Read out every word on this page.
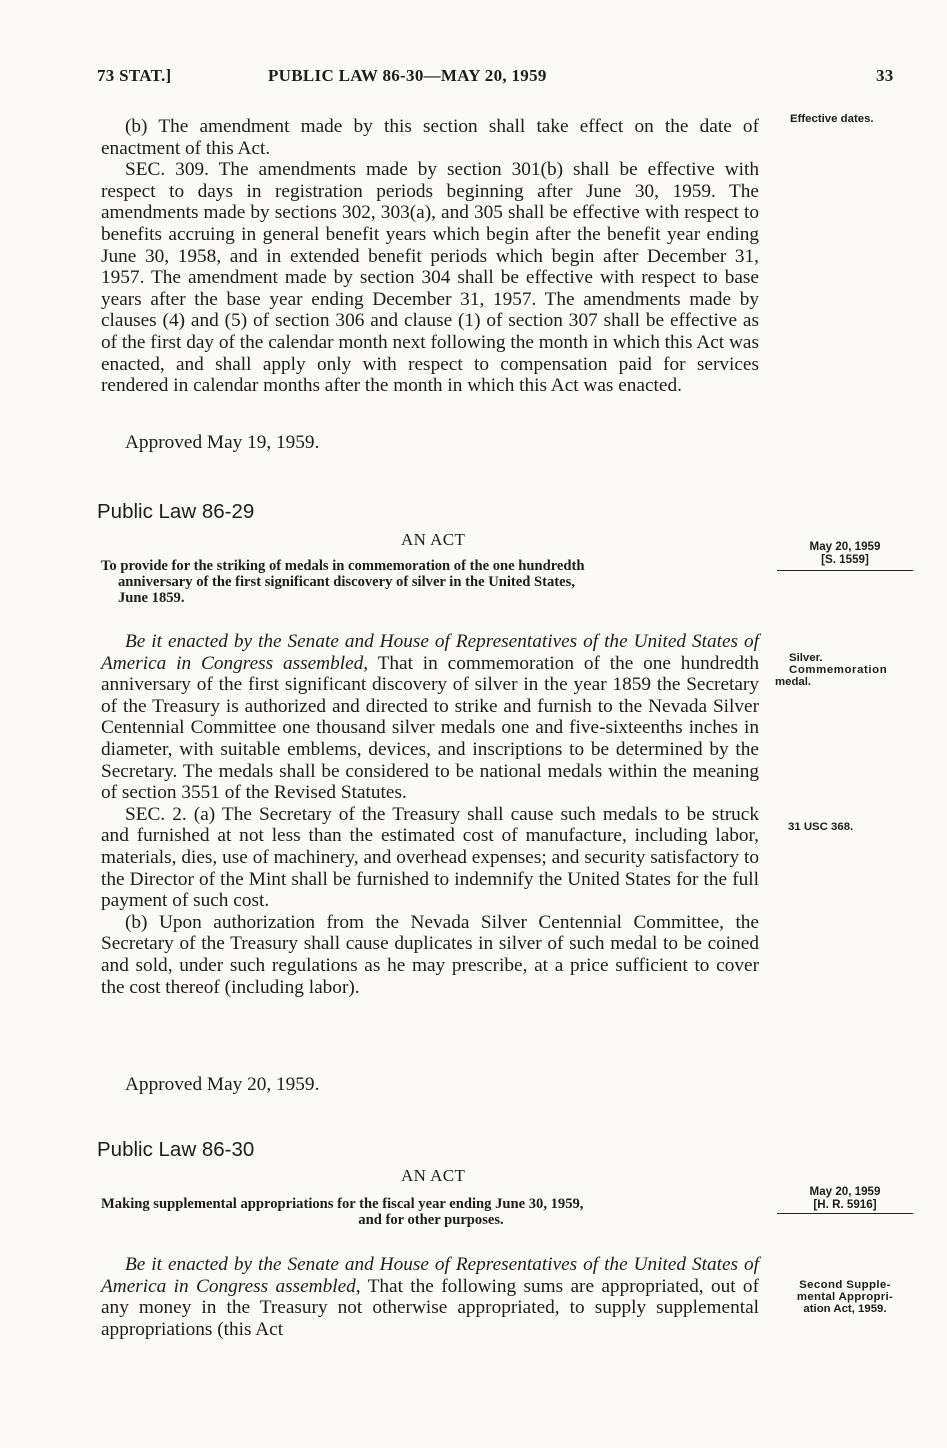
73 STAT.]	PUBLIC LAW 86-30—MAY 20, 1959	33

(b) The amendment made by this section shall take effect on the date of enactment of this Act.

SEC. 309. The amendments made by section 301(b) shall be effective with respect to days in registration periods beginning after June 30, 1959. The amendments made by sections 302, 303(a), and 305 shall be effective with respect to benefits accruing in general benefit years which begin after the benefit year ending June 30, 1958, and in extended benefit periods which begin after December 31, 1957. The amendment made by section 304 shall be effective with respect to base years after the base year ending December 31, 1957. The amendments made by clauses (4) and (5) of section 306 and clause (1) of section 307 shall be effective as of the first day of the calendar month next following the month in which this Act was enacted, and shall apply only with respect to compensation paid for services rendered in calendar months after the month in which this Act was enacted.

Approved May 19, 1959.
Public Law 86-29
AN ACT
To provide for the striking of medals in commemoration of the one hundredth
anniversary of the first significant discovery of silver in the United States,
June 1859.

Be it enacted by the Senate and House of Representatives of the United States of America in Congress assembled, That in commemoration of the one hundredth anniversary of the first significant discovery of silver in the year 1859 the Secretary of the Treasury is authorized and directed to strike and furnish to the Nevada Silver Centennial Committee one thousand silver medals one and five-sixteenths inches in diameter, with suitable emblems, devices, and inscriptions to be determined by the Secretary. The medals shall be considered to be national medals within the meaning of section 3551 of the Revised Statutes.

SEC. 2. (a) The Secretary of the Treasury shall cause such medals to be struck and furnished at not less than the estimated cost of manufacture, including labor, materials, dies, use of machinery, and overhead expenses; and security satisfactory to the Director of the Mint shall be furnished to indemnify the United States for the full payment of such cost.

(b) Upon authorization from the Nevada Silver Centennial Committee, the Secretary of the Treasury shall cause duplicates in silver of such medal to be coined and sold, under such regulations as he may prescribe, at a price sufficient to cover the cost thereof (including labor).

Approved May 20, 1959.
Public Law 86-30
AN ACT
Making supplemental appropriations for the fiscal year ending June 30, 1959,
and for other purposes.

Be it enacted by the Senate and House of Representatives of the United States of America in Congress assembled, That the following sums are appropriated, out of any money in the Treasury not otherwise appropriated, to supply supplemental appropriations (this Act

Effective dates.
May 20, 1959
[S. 1559]
Silver.
Commemoration
medal.
31 USC 368.
May 20, 1959
[H. R. 5916]
Second Supple-
mental Appropri-
ation Act, 1959.
